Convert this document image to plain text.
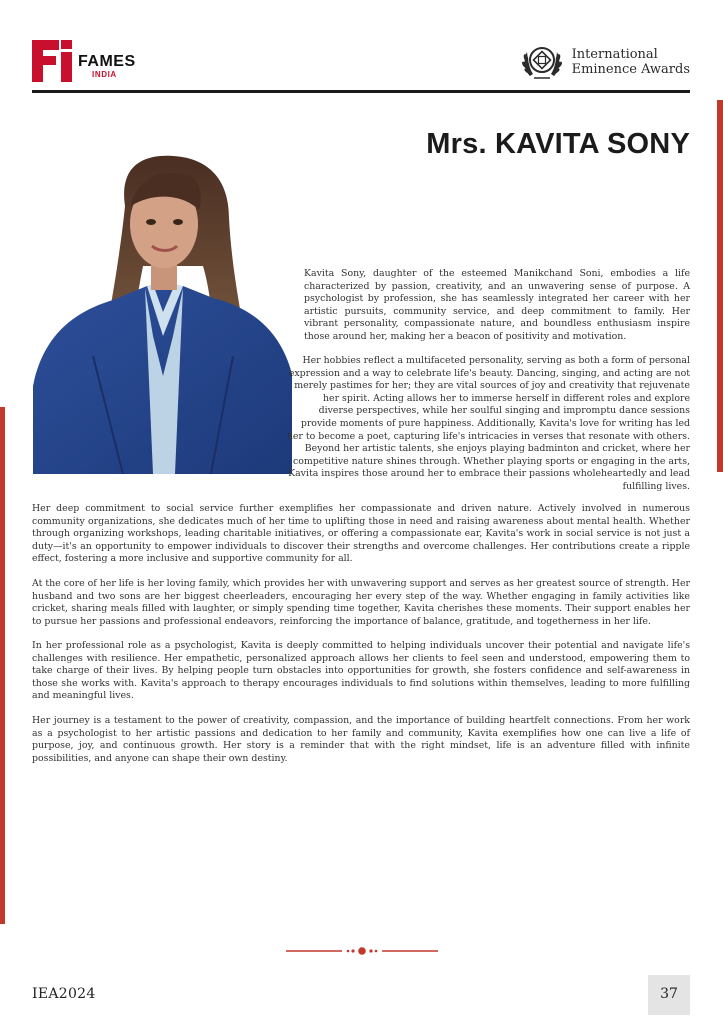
FAMES
INDIA
International
Eminence Awards
Mrs. KAVITA SONY

Kavita Sony, daughter of the esteemed Manikchand Soni, embodies a life characterized by passion, creativity, and an unwavering sense of purpose. A psychologist by profession, she has seamlessly integrated her career with her artistic pursuits, community service, and deep commitment to family. Her vibrant personality, compassionate nature, and boundless enthusiasm inspire those around her, making her a beacon of positivity and motivation.

Her hobbies reflect a multifaceted personality, serving as both a form of personal expression and a way to celebrate life's beauty. Dancing, singing, and acting are not merely pastimes for her; they are vital sources of joy and creativity that rejuvenate her spirit. Acting allows her to immerse herself in different roles and explore diverse perspectives, while her soulful singing and impromptu dance sessions provide moments of pure happiness. Additionally, Kavita's love for writing has led her to become a poet, capturing life's intricacies in verses that resonate with others. Beyond her artistic talents, she enjoys playing badminton and cricket, where her competitive nature shines through. Whether playing sports or engaging in the arts, Kavita inspires those around her to embrace their passions wholeheartedly and lead fulfilling lives.

Her deep commitment to social service further exemplifies her compassionate and driven nature. Actively involved in numerous community organizations, she dedicates much of her time to uplifting those in need and raising awareness about mental health. Whether through organizing workshops, leading charitable initiatives, or offering a compassionate ear, Kavita's work in social service is not just a duty—it's an opportunity to empower individuals to discover their strengths and overcome challenges. Her contributions create a ripple effect, fostering a more inclusive and supportive community for all.

At the core of her life is her loving family, which provides her with unwavering support and serves as her greatest source of strength. Her husband and two sons are her biggest cheerleaders, encouraging her every step of the way. Whether engaging in family activities like cricket, sharing meals filled with laughter, or simply spending time together, Kavita cherishes these moments. Their support enables her to pursue her passions and professional endeavors, reinforcing the importance of balance, gratitude, and togetherness in her life.

In her professional role as a psychologist, Kavita is deeply committed to helping individuals uncover their potential and navigate life's challenges with resilience. Her empathetic, personalized approach allows her clients to feel seen and understood, empowering them to take charge of their lives. By helping people turn obstacles into opportunities for growth, she fosters confidence and self-awareness in those she works with. Kavita's approach to therapy encourages individuals to find solutions within themselves, leading to more fulfilling and meaningful lives.

Her journey is a testament to the power of creativity, compassion, and the importance of building heartfelt connections. From her work as a psychologist to her artistic passions and dedication to her family and community, Kavita exemplifies how one can live a life of purpose, joy, and continuous growth. Her story is a reminder that with the right mindset, life is an adventure filled with infinite possibilities, and anyone can shape their own destiny.

IEA2024	37
